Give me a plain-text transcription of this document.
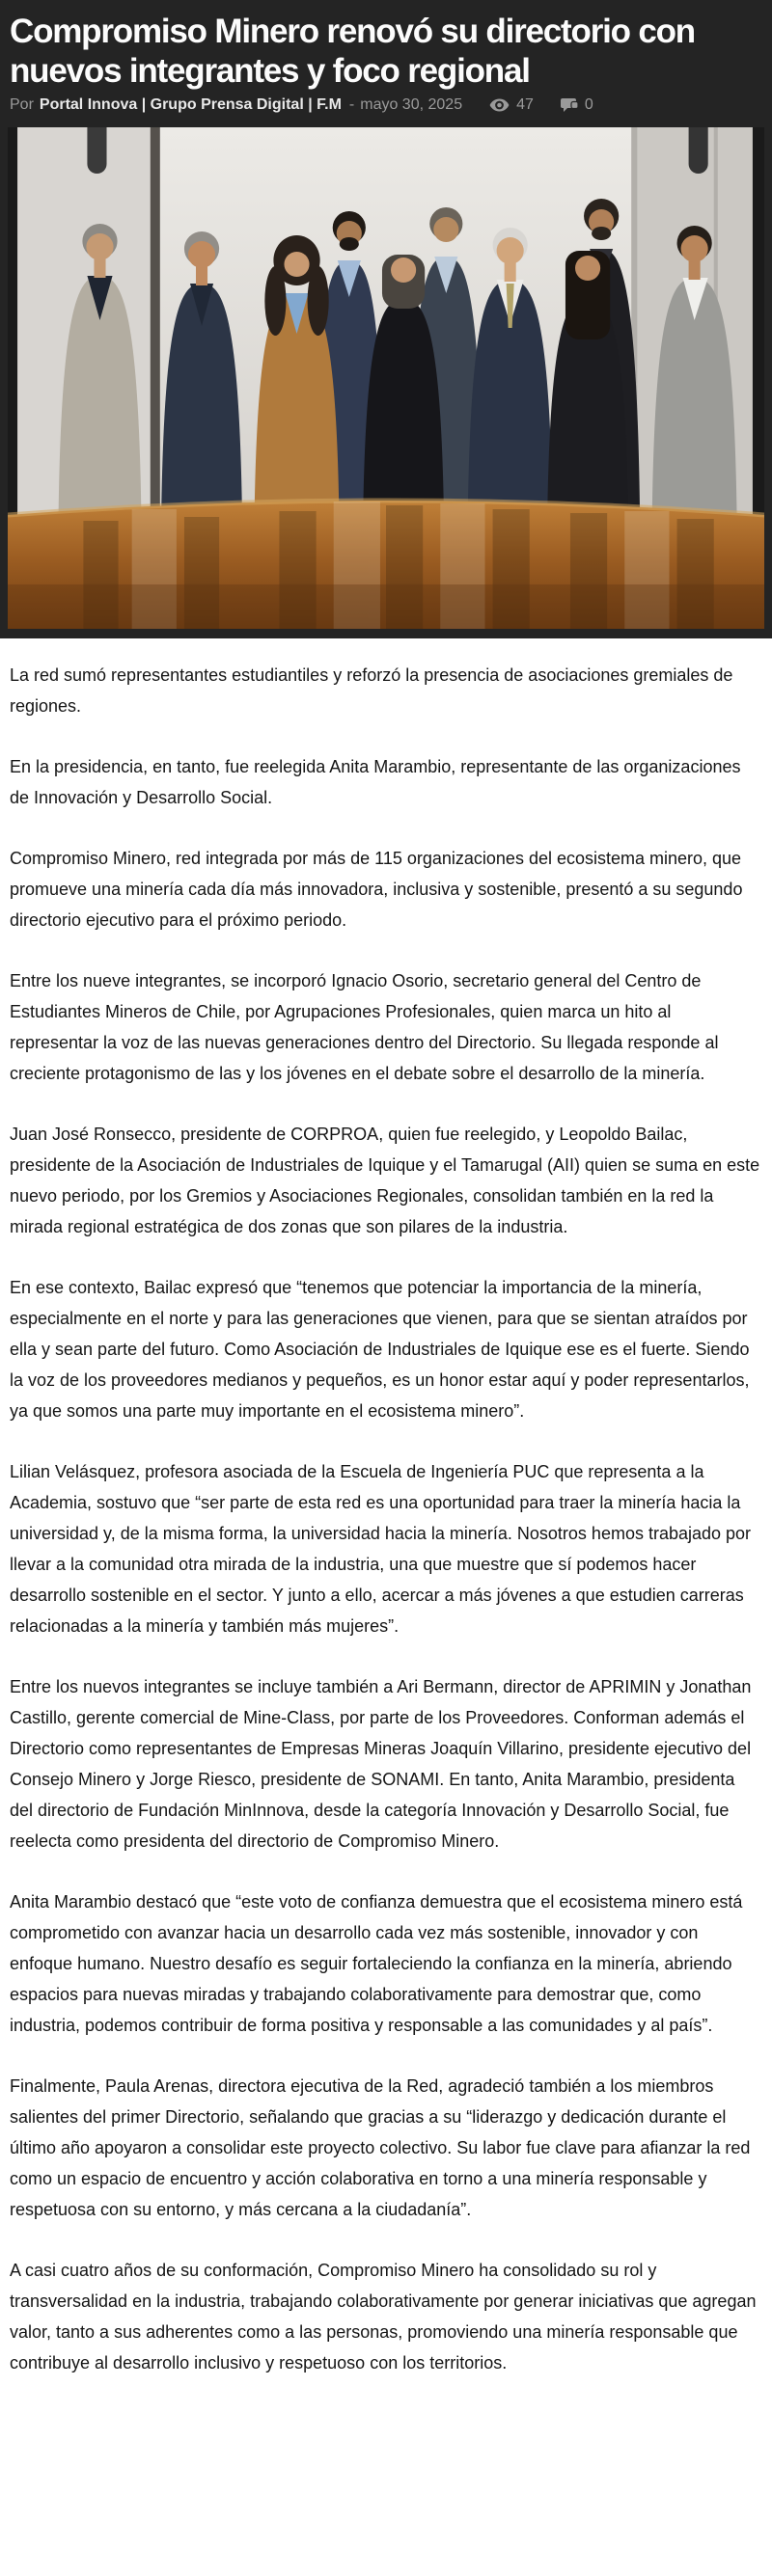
Compromiso Minero renovó su directorio con nuevos integrantes y foco regional
Por Portal Innova | Grupo Prensa Digital | F.M - mayo 30, 2025	47	0

La red sumó representantes estudiantiles y reforzó la presencia de asociaciones gremiales de regiones.

En la presidencia, en tanto, fue reelegida Anita Marambio, representante de las organizaciones de Innovación y Desarrollo Social.

Compromiso Minero, red integrada por más de 115 organizaciones del ecosistema minero, que promueve una minería cada día más innovadora, inclusiva y sostenible, presentó a su segundo directorio ejecutivo para el próximo periodo.

Entre los nueve integrantes, se incorporó Ignacio Osorio, secretario general del Centro de Estudiantes Mineros de Chile, por Agrupaciones Profesionales, quien marca un hito al representar la voz de las nuevas generaciones dentro del Directorio. Su llegada responde al creciente protagonismo de las y los jóvenes en el debate sobre el desarrollo de la minería.

Juan José Ronsecco, presidente de CORPROA, quien fue reelegido, y Leopoldo Bailac, presidente de la Asociación de Industriales de Iquique y el Tamarugal (AII) quien se suma en este nuevo periodo, por los Gremios y Asociaciones Regionales, consolidan también en la red la mirada regional estratégica de dos zonas que son pilares de la industria.

En ese contexto, Bailac expresó que “tenemos que potenciar la importancia de la minería, especialmente en el norte y para las generaciones que vienen, para que se sientan atraídos por ella y sean parte del futuro. Como Asociación de Industriales de Iquique ese es el fuerte. Siendo la voz de los proveedores medianos y pequeños, es un honor estar aquí y poder representarlos, ya que somos una parte muy importante en el ecosistema minero”.

Lilian Velásquez, profesora asociada de la Escuela de Ingeniería PUC que representa a la Academia, sostuvo que “ser parte de esta red es una oportunidad para traer la minería hacia la universidad y, de la misma forma, la universidad hacia la minería. Nosotros hemos trabajado por llevar a la comunidad otra mirada de la industria, una que muestre que sí podemos hacer desarrollo sostenible en el sector. Y junto a ello, acercar a más jóvenes a que estudien carreras relacionadas a la minería y también más mujeres”.

Entre los nuevos integrantes se incluye también a Ari Bermann, director de APRIMIN y Jonathan Castillo, gerente comercial de Mine-Class, por parte de los Proveedores. Conforman además el Directorio como representantes de Empresas Mineras Joaquín Villarino, presidente ejecutivo del Consejo Minero y Jorge Riesco, presidente de SONAMI. En tanto, Anita Marambio, presidenta del directorio de Fundación MinInnova, desde la categoría Innovación y Desarrollo Social, fue reelecta como presidenta del directorio de Compromiso Minero.

Anita Marambio destacó que “este voto de confianza demuestra que el ecosistema minero está comprometido con avanzar hacia un desarrollo cada vez más sostenible, innovador y con enfoque humano. Nuestro desafío es seguir fortaleciendo la confianza en la minería, abriendo espacios para nuevas miradas y trabajando colaborativamente para demostrar que, como industria, podemos contribuir de forma positiva y responsable a las comunidades y al país”.

Finalmente, Paula Arenas, directora ejecutiva de la Red, agradeció también a los miembros salientes del primer Directorio, señalando que gracias a su “liderazgo y dedicación durante el último año apoyaron a consolidar este proyecto colectivo. Su labor fue clave para afianzar la red como un espacio de encuentro y acción colaborativa en torno a una minería responsable y respetuosa con su entorno, y más cercana a la ciudadanía”.

A casi cuatro años de su conformación, Compromiso Minero ha consolidado su rol y transversalidad en la industria, trabajando colaborativamente por generar iniciativas que agregan valor, tanto a sus adherentes como a las personas, promoviendo una minería responsable que contribuye al desarrollo inclusivo y respetuoso con los territorios.
